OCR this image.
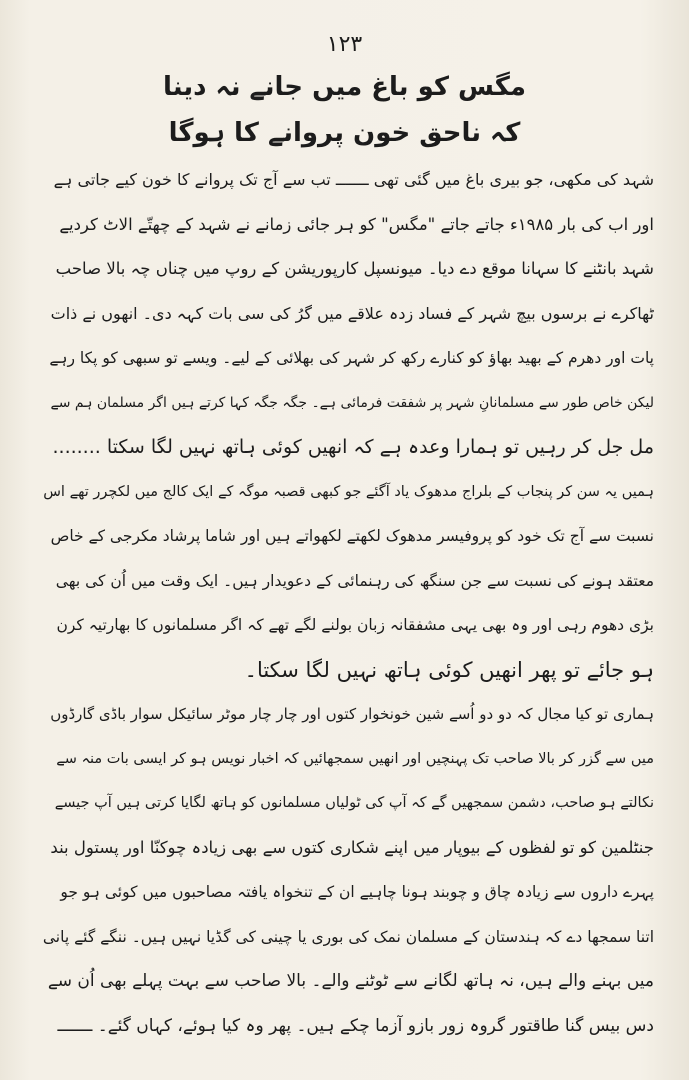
١٢٣
مگس کو باغ میں جانے نہ دینا
کہ ناحق خون پروانے کا ہوگا
شہد کی مکھی، جو بیری باغ میں گئی تھی ـــــــ تب سے آج تک پروانے کا خون کیے جاتی ہے
اور اب کی بار ۱۹۸۵ء جاتے جاتے "مگس" کو ہر جائی زمانے نے شہد کے چھتّے الاٹ کردیے
شہد بانٹنے کا سہانا موقع دے دیا۔ میونسپل کارپوریشن کے روپ میں چناں چہ بالا صاحب
ٹھاکرے نے برسوں بیچ شہر کے فساد زدہ علاقے میں گرُ کی سی بات کہہ دی۔ انھوں نے ذات
پات اور دھرم کے بھید بھاؤ کو کنارے رکھ کر شہر کی بھلائی کے لیے۔ ویسے تو سبھی کو پکا رہے
لیکن خاص طور سے مسلمانانِ شہر پر شفقت فرمائی ہے۔ جگہ جگہ کہا کرتے ہیں اگر مسلمان ہم سے
مل جل کر رہیں تو ہمارا وعدہ ہے کہ انھیں کوئی ہاتھ نہیں لگا سکتا ........
ہمیں یہ سن کر پنجاب کے بلراج مدھوک یاد آگئے جو کبھی قصبہ موگہ کے ایک کالج میں لکچرر تھے اس
نسبت سے آج تک خود کو پروفیسر مدھوک لکھتے لکھواتے ہیں اور شاما پرشاد مکرجی کے خاص
معتقد ہونے کی نسبت سے جن سنگھ کی رہنمائی کے دعویدار ہیں۔ ایک وقت میں اُن کی بھی
بڑی دھوم رہی اور وہ بھی یہی مشفقانہ زبان بولنے لگے تھے کہ اگر مسلمانوں کا بھارتیہ کرن
ہو جائے تو پھر انھیں کوئی ہاتھ نہیں لگا سکتا۔
ہماری تو کیا مجال کہ دو دو اُسے شین خونخوار کتوں اور چار چار موٹر سائیکل سوار باڈی گارڈوں
میں سے گزر کر بالا صاحب تک پہنچیں اور انھیں سمجھائیں کہ اخبار نویس ہو کر ایسی بات منہ سے
نکالتے ہو صاحب، دشمن سمجھیں گے کہ آپ کی ٹولیاں مسلمانوں کو ہاتھ لگایا کرتی ہیں آپ جیسے
جنٹلمین کو تو لفظوں کے بیوپار میں اپنے شکاری کتوں سے بھی زیادہ چوکنّا اور پستول بند
پہرے داروں سے زیادہ چاق و چوبند ہونا چاہیے ان کے تنخواہ یافتہ مصاحبوں میں کوئی ہو جو
اتنا سمجھا دے کہ ہندستان کے مسلمان نمک کی بوری یا چینی کی گڈیا نہیں ہیں۔ ننگے گئے پانی
میں بہنے والے ہیں، نہ ہاتھ لگانے سے ٹوٹنے والے۔ بالا صاحب سے بہت پہلے بھی اُن سے
دس بیس گنا طاقتور گروہ زور بازو آزما چکے ہیں۔ پھر وہ کیا ہوئے، کہاں گئے۔ ـــــــ
